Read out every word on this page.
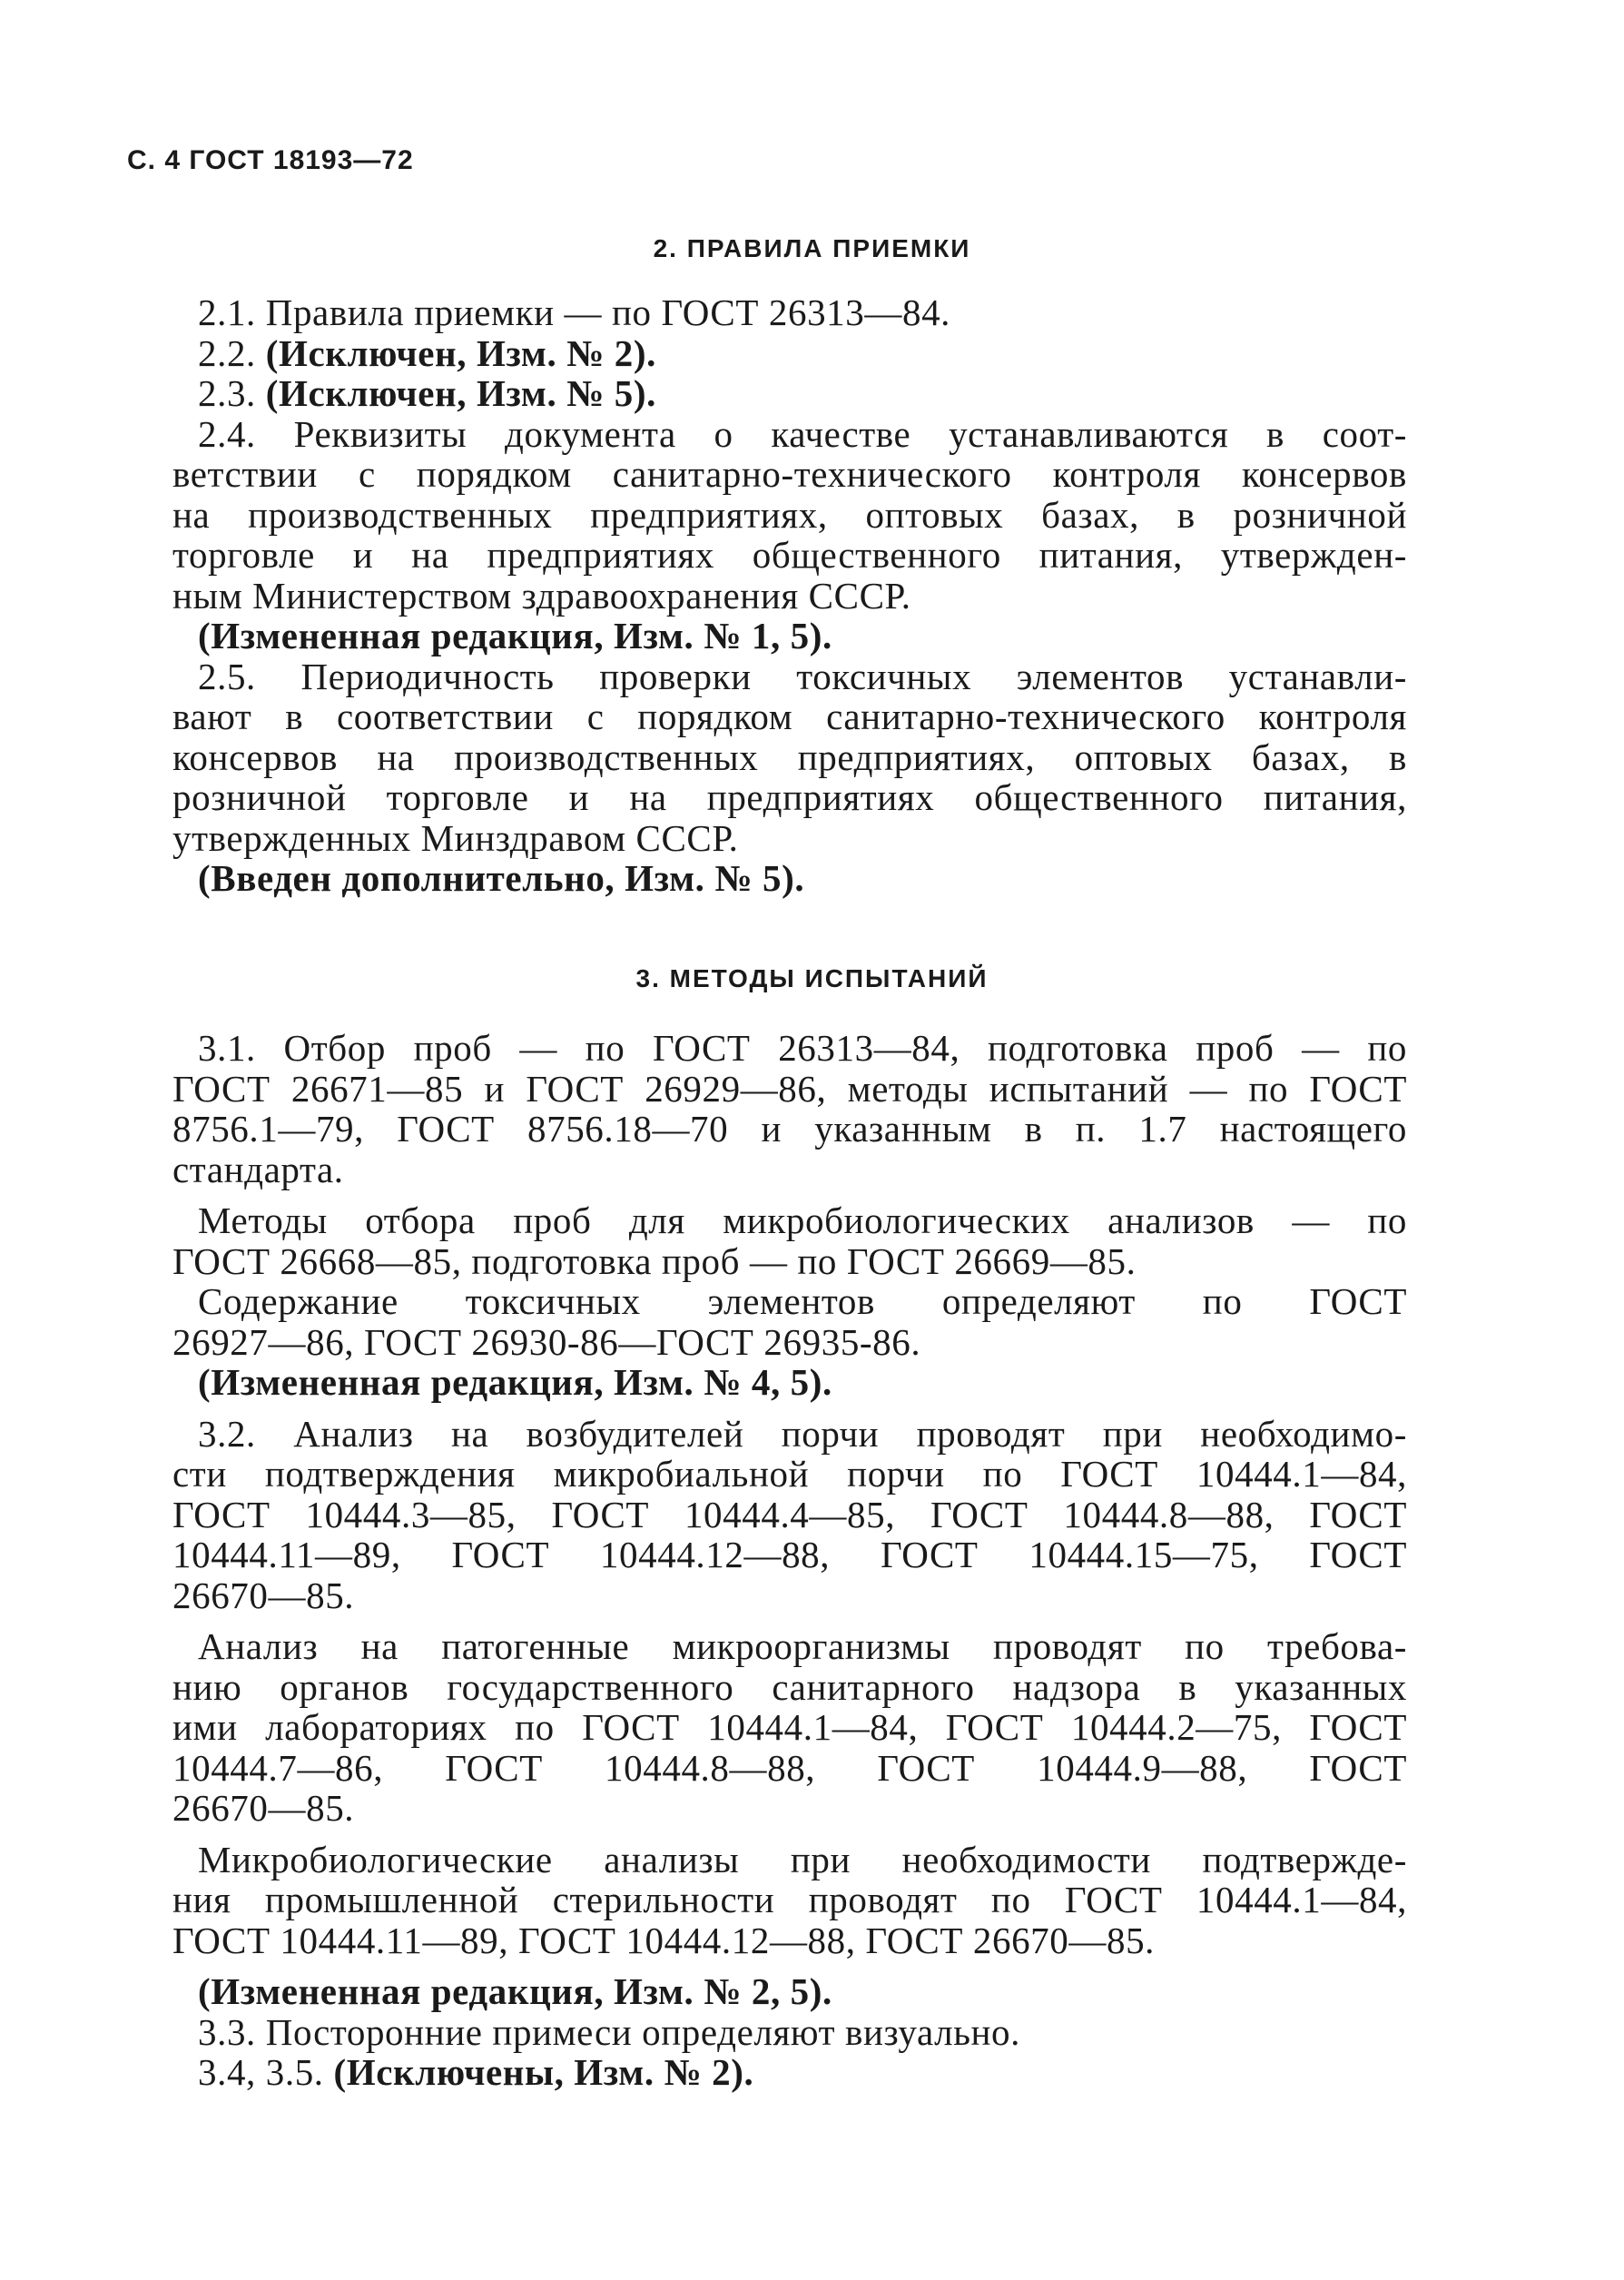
С. 4 ГОСТ 18193—72
2. ПРАВИЛА ПРИЕМКИ

2.1. Правила приемки — по ГОСТ 26313—84.

2.2. (Исключен, Изм. № 2).

2.3. (Исключен, Изм. № 5).

2.4. Реквизиты документа о качестве устанавливаются в соот-
ветствии с порядком санитарно-технического контроля консервов
на производственных предприятиях, оптовых базах, в розничной
торговле и на предприятиях общественного питания, утвержден-
ным Министерством здравоохранения СССР.

(Измененная редакция, Изм. № 1, 5).

2.5. Периодичность проверки токсичных элементов устанавли-
вают в соответствии с порядком санитарно-технического контроля
консервов на производственных предприятиях, оптовых базах, в
розничной торговле и на предприятиях общественного питания,
утвержденных Минздравом СССР.

(Введен дополнительно, Изм. № 5).

3. МЕТОДЫ ИСПЫТАНИЙ

3.1. Отбор проб — по ГОСТ 26313—84, подготовка проб — по
ГОСТ 26671—85 и ГОСТ 26929—86, методы испытаний — по ГОСТ
8756.1—79, ГОСТ 8756.18—70 и указанным в п. 1.7 настоящего
стандарта.

Методы отбора проб для микробиологических анализов — по
ГОСТ 26668—85, подготовка проб — по ГОСТ 26669—85.

Содержание токсичных элементов определяют по ГОСТ
26927—86, ГОСТ 26930-86—ГОСТ 26935-86.

(Измененная редакция, Изм. № 4, 5).

3.2. Анализ на возбудителей порчи проводят при необходимо-
сти подтверждения микробиальной порчи по ГОСТ 10444.1—84,
ГОСТ 10444.3—85, ГОСТ 10444.4—85, ГОСТ 10444.8—88, ГОСТ
10444.11—89, ГОСТ 10444.12—88, ГОСТ 10444.15—75, ГОСТ
26670—85.

Анализ на патогенные микроорганизмы проводят по требова-
нию органов государственного санитарного надзора в указанных
ими лабораториях по ГОСТ 10444.1—84, ГОСТ 10444.2—75, ГОСТ
10444.7—86, ГОСТ 10444.8—88, ГОСТ 10444.9—88, ГОСТ
26670—85.

Микробиологические анализы при необходимости подтвержде-
ния промышленной стерильности проводят по ГОСТ 10444.1—84,
ГОСТ 10444.11—89, ГОСТ 10444.12—88, ГОСТ 26670—85.

(Измененная редакция, Изм. № 2, 5).

3.3. Посторонние примеси определяют визуально.

3.4, 3.5. (Исключены, Изм. № 2).
